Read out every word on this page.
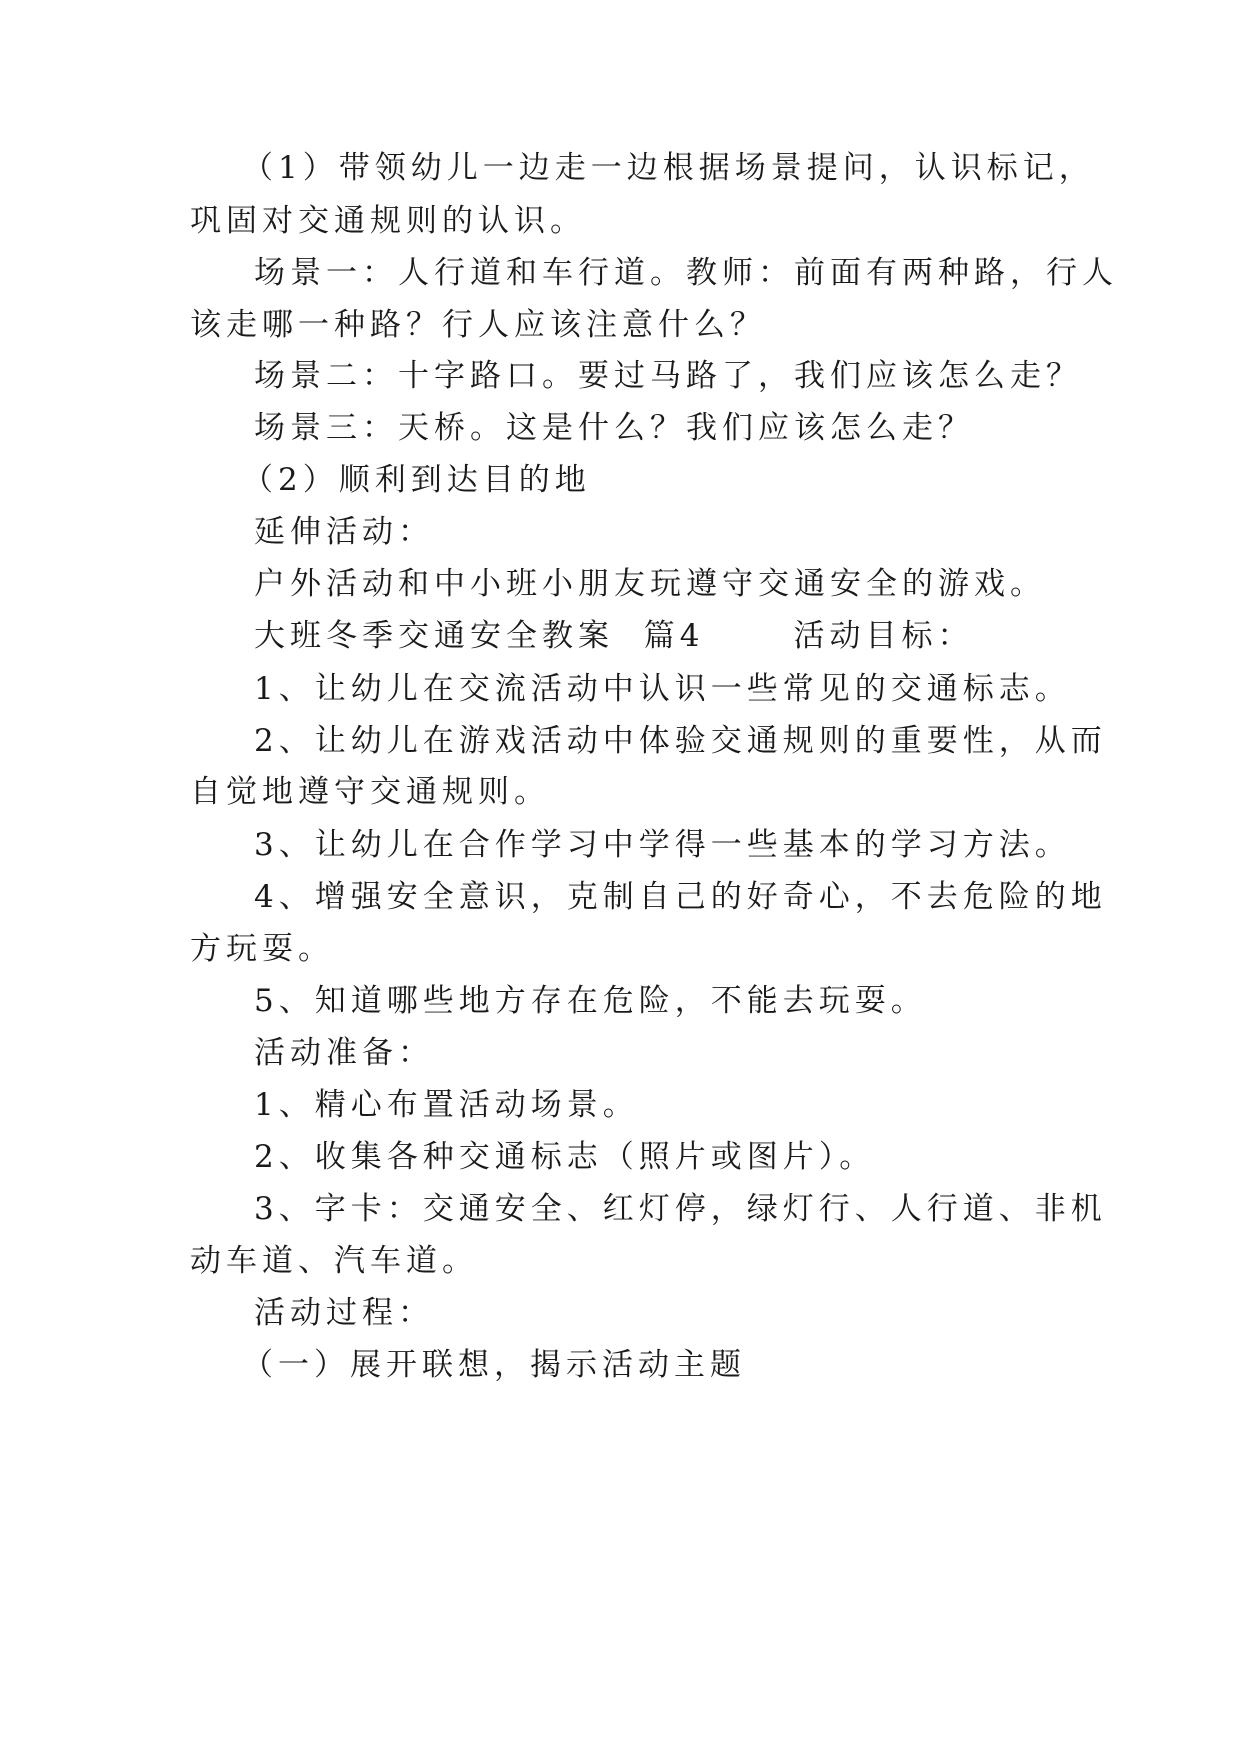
（1）带领幼儿一边走一边根据场景提问，认识标记，
巩固对交通规则的认识。
场景一：人行道和车行道。教师：前面有两种路，行人
该走哪一种路？行人应该注意什么？
场景二：十字路口。要过马路了，我们应该怎么走？
场景三：天桥。这是什么？我们应该怎么走？
（2）顺利到达目的地
延伸活动：
户外活动和中小班小朋友玩遵守交通安全的游戏。
大班冬季交通安全教案  篇4      活动目标：
1、让幼儿在交流活动中认识一些常见的交通标志。
2、让幼儿在游戏活动中体验交通规则的重要性，从而
自觉地遵守交通规则。
3、让幼儿在合作学习中学得一些基本的学习方法。
4、增强安全意识，克制自己的好奇心，不去危险的地
方玩耍。
5、知道哪些地方存在危险，不能去玩耍。
活动准备：
1、精心布置活动场景。
2、收集各种交通标志（照片或图片）。
3、字卡：交通安全、红灯停，绿灯行、人行道、非机
动车道、汽车道。
活动过程：
（一）展开联想，揭示活动主题
